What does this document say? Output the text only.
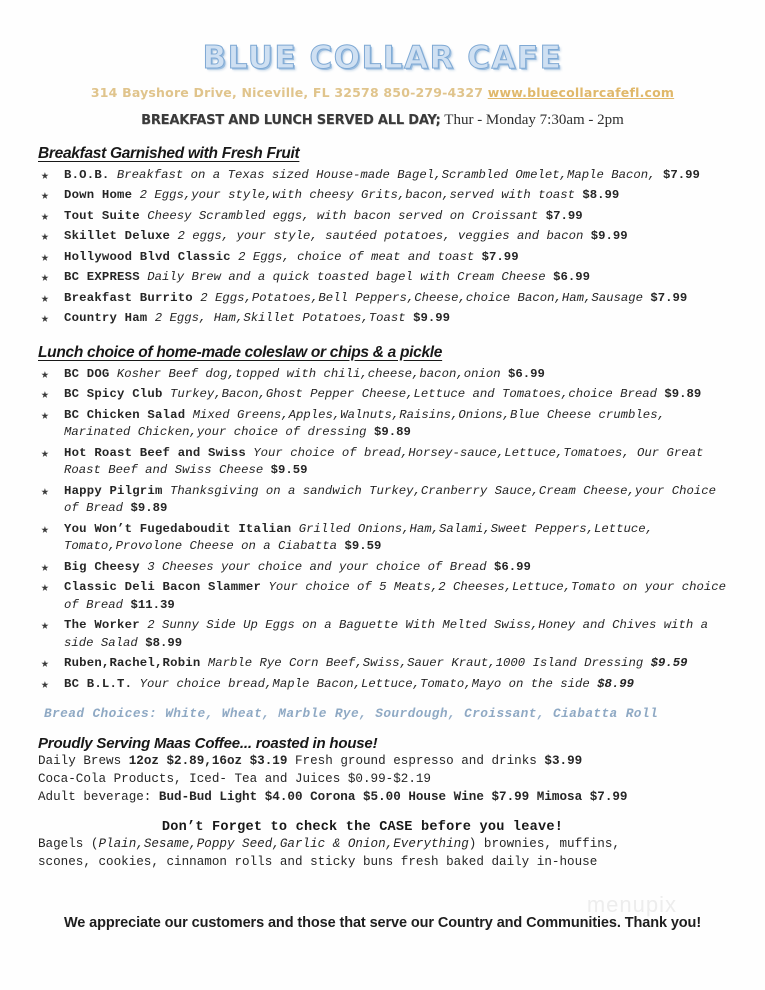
BLUE COLLAR CAFE
314 Bayshore Drive, Niceville, FL 32578 850-279-4327 www.bluecollarcafefl.com
BREAKFAST AND LUNCH SERVED ALL DAY; Thur - Monday 7:30am - 2pm
Breakfast Garnished with Fresh Fruit
★ B.O.B. Breakfast on a Texas sized House-made Bagel,Scrambled Omelet,Maple Bacon, $7.99
★ Down Home 2 Eggs,your style,with cheesy Grits,bacon,served with toast $8.99
★ Tout Suite Cheesy Scrambled eggs, with bacon served on Croissant $7.99
★ Skillet Deluxe 2 eggs, your style, sautéed potatoes, veggies and bacon $9.99
★ Hollywood Blvd Classic 2 Eggs, choice of meat and toast $7.99
★ BC EXPRESS Daily Brew and a quick toasted bagel with Cream Cheese $6.99
★ Breakfast Burrito 2 Eggs,Potatoes,Bell Peppers,Cheese,choice Bacon,Ham,Sausage $7.99
★ Country Ham 2 Eggs, Ham,Skillet Potatoes,Toast $9.99
Lunch choice of home-made coleslaw or chips & a pickle
★ BC DOG Kosher Beef dog,topped with chili,cheese,bacon,onion $6.99
★ BC Spicy Club Turkey,Bacon,Ghost Pepper Cheese,Lettuce and Tomatoes,choice Bread $9.89
★ BC Chicken Salad Mixed Greens,Apples,Walnuts,Raisins,Onions,Blue Cheese crumbles, Marinated Chicken,your choice of dressing $9.89
★ Hot Roast Beef and Swiss Your choice of bread,Horsey-sauce,Lettuce,Tomatoes, Our Great Roast Beef and Swiss Cheese $9.59
★ Happy Pilgrim Thanksgiving on a sandwich Turkey,Cranberry Sauce,Cream Cheese,your Choice of Bread $9.89
★ You Won’t Fugedaboudit Italian Grilled Onions,Ham,Salami,Sweet Peppers,Lettuce, Tomato,Provolone Cheese on a Ciabatta $9.59
★ Big Cheesy 3 Cheeses your choice and your choice of Bread $6.99
★ Classic Deli Bacon Slammer Your choice of 5 Meats,2 Cheeses,Lettuce,Tomato on your choice of Bread $11.39
★ The Worker 2 Sunny Side Up Eggs on a Baguette With Melted Swiss,Honey and Chives with a side Salad $8.99
★ Ruben,Rachel,Robin Marble Rye Corn Beef,Swiss,Sauer Kraut,1000 Island Dressing $9.59
★ BC B.L.T. Your choice bread,Maple Bacon,Lettuce,Tomato,Mayo on the side $8.99
Bread Choices: White, Wheat, Marble Rye, Sourdough, Croissant, Ciabatta Roll
Proudly Serving Maas Coffee... roasted in house!
Daily Brews 12oz $2.89,16oz $3.19 Fresh ground espresso and drinks $3.99
Coca-Cola Products, Iced- Tea and Juices $0.99-$2.19
Adult beverage: Bud-Bud Light $4.00 Corona $5.00 House Wine $7.99 Mimosa $7.99
Don’t Forget to check the CASE before you leave!
Bagels (Plain,Sesame,Poppy Seed,Garlic & Onion,Everything) brownies, muffins,
scones, cookies, cinnamon rolls and sticky buns fresh baked daily in-house
menupix
We appreciate our customers and those that serve our Country and Communities. Thank you!
